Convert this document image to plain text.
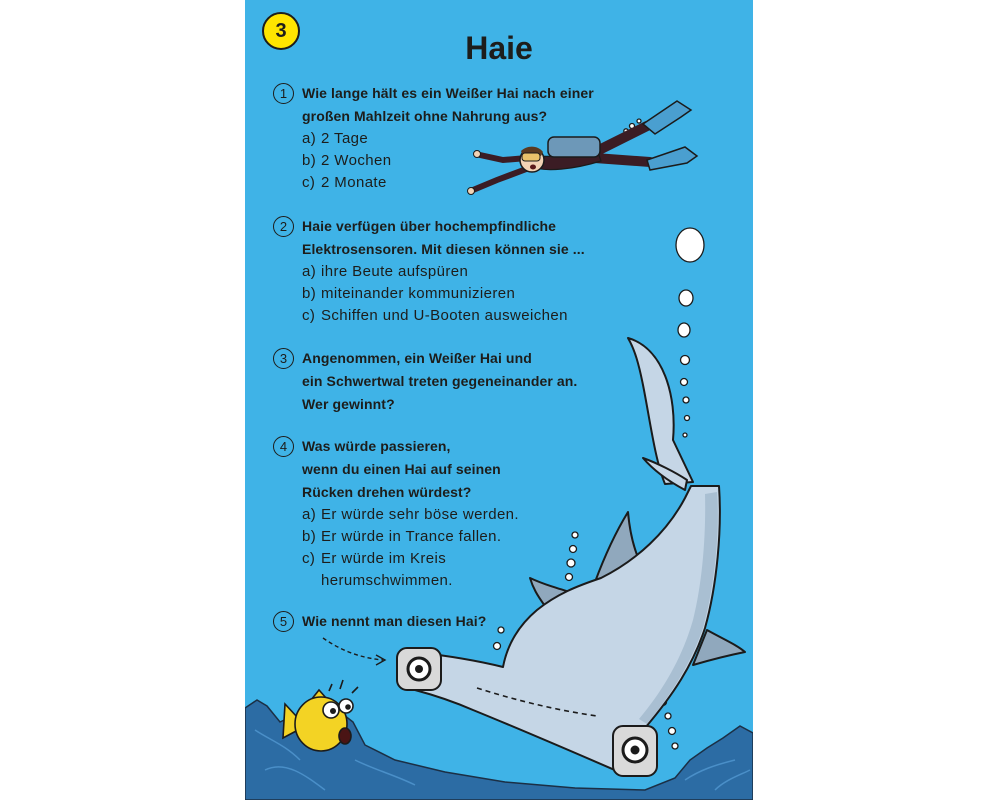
3	Haie
1	Wie lange hält es ein Weißer Hai nach einer
großen Mahlzeit ohne Nahrung aus?
a) 2 Tage
b) 2 Wochen
c) 2 Monate
2	Haie verfügen über hochempfindliche
Elektrosensoren. Mit diesen können sie ...
a) ihre Beute aufspüren
b) miteinander kommunizieren
c) Schiffen und U-Booten ausweichen
3	Angenommen, ein Weißer Hai und
ein Schwertwal treten gegeneinander an.
Wer gewinnt?
4	Was würde passieren,
wenn du einen Hai auf seinen
Rücken drehen würdest?
a) Er würde sehr böse werden.
b) Er würde in Trance fallen.
c) Er würde im Kreis
herumschwimmen.
5	Wie nennt man diesen Hai?
